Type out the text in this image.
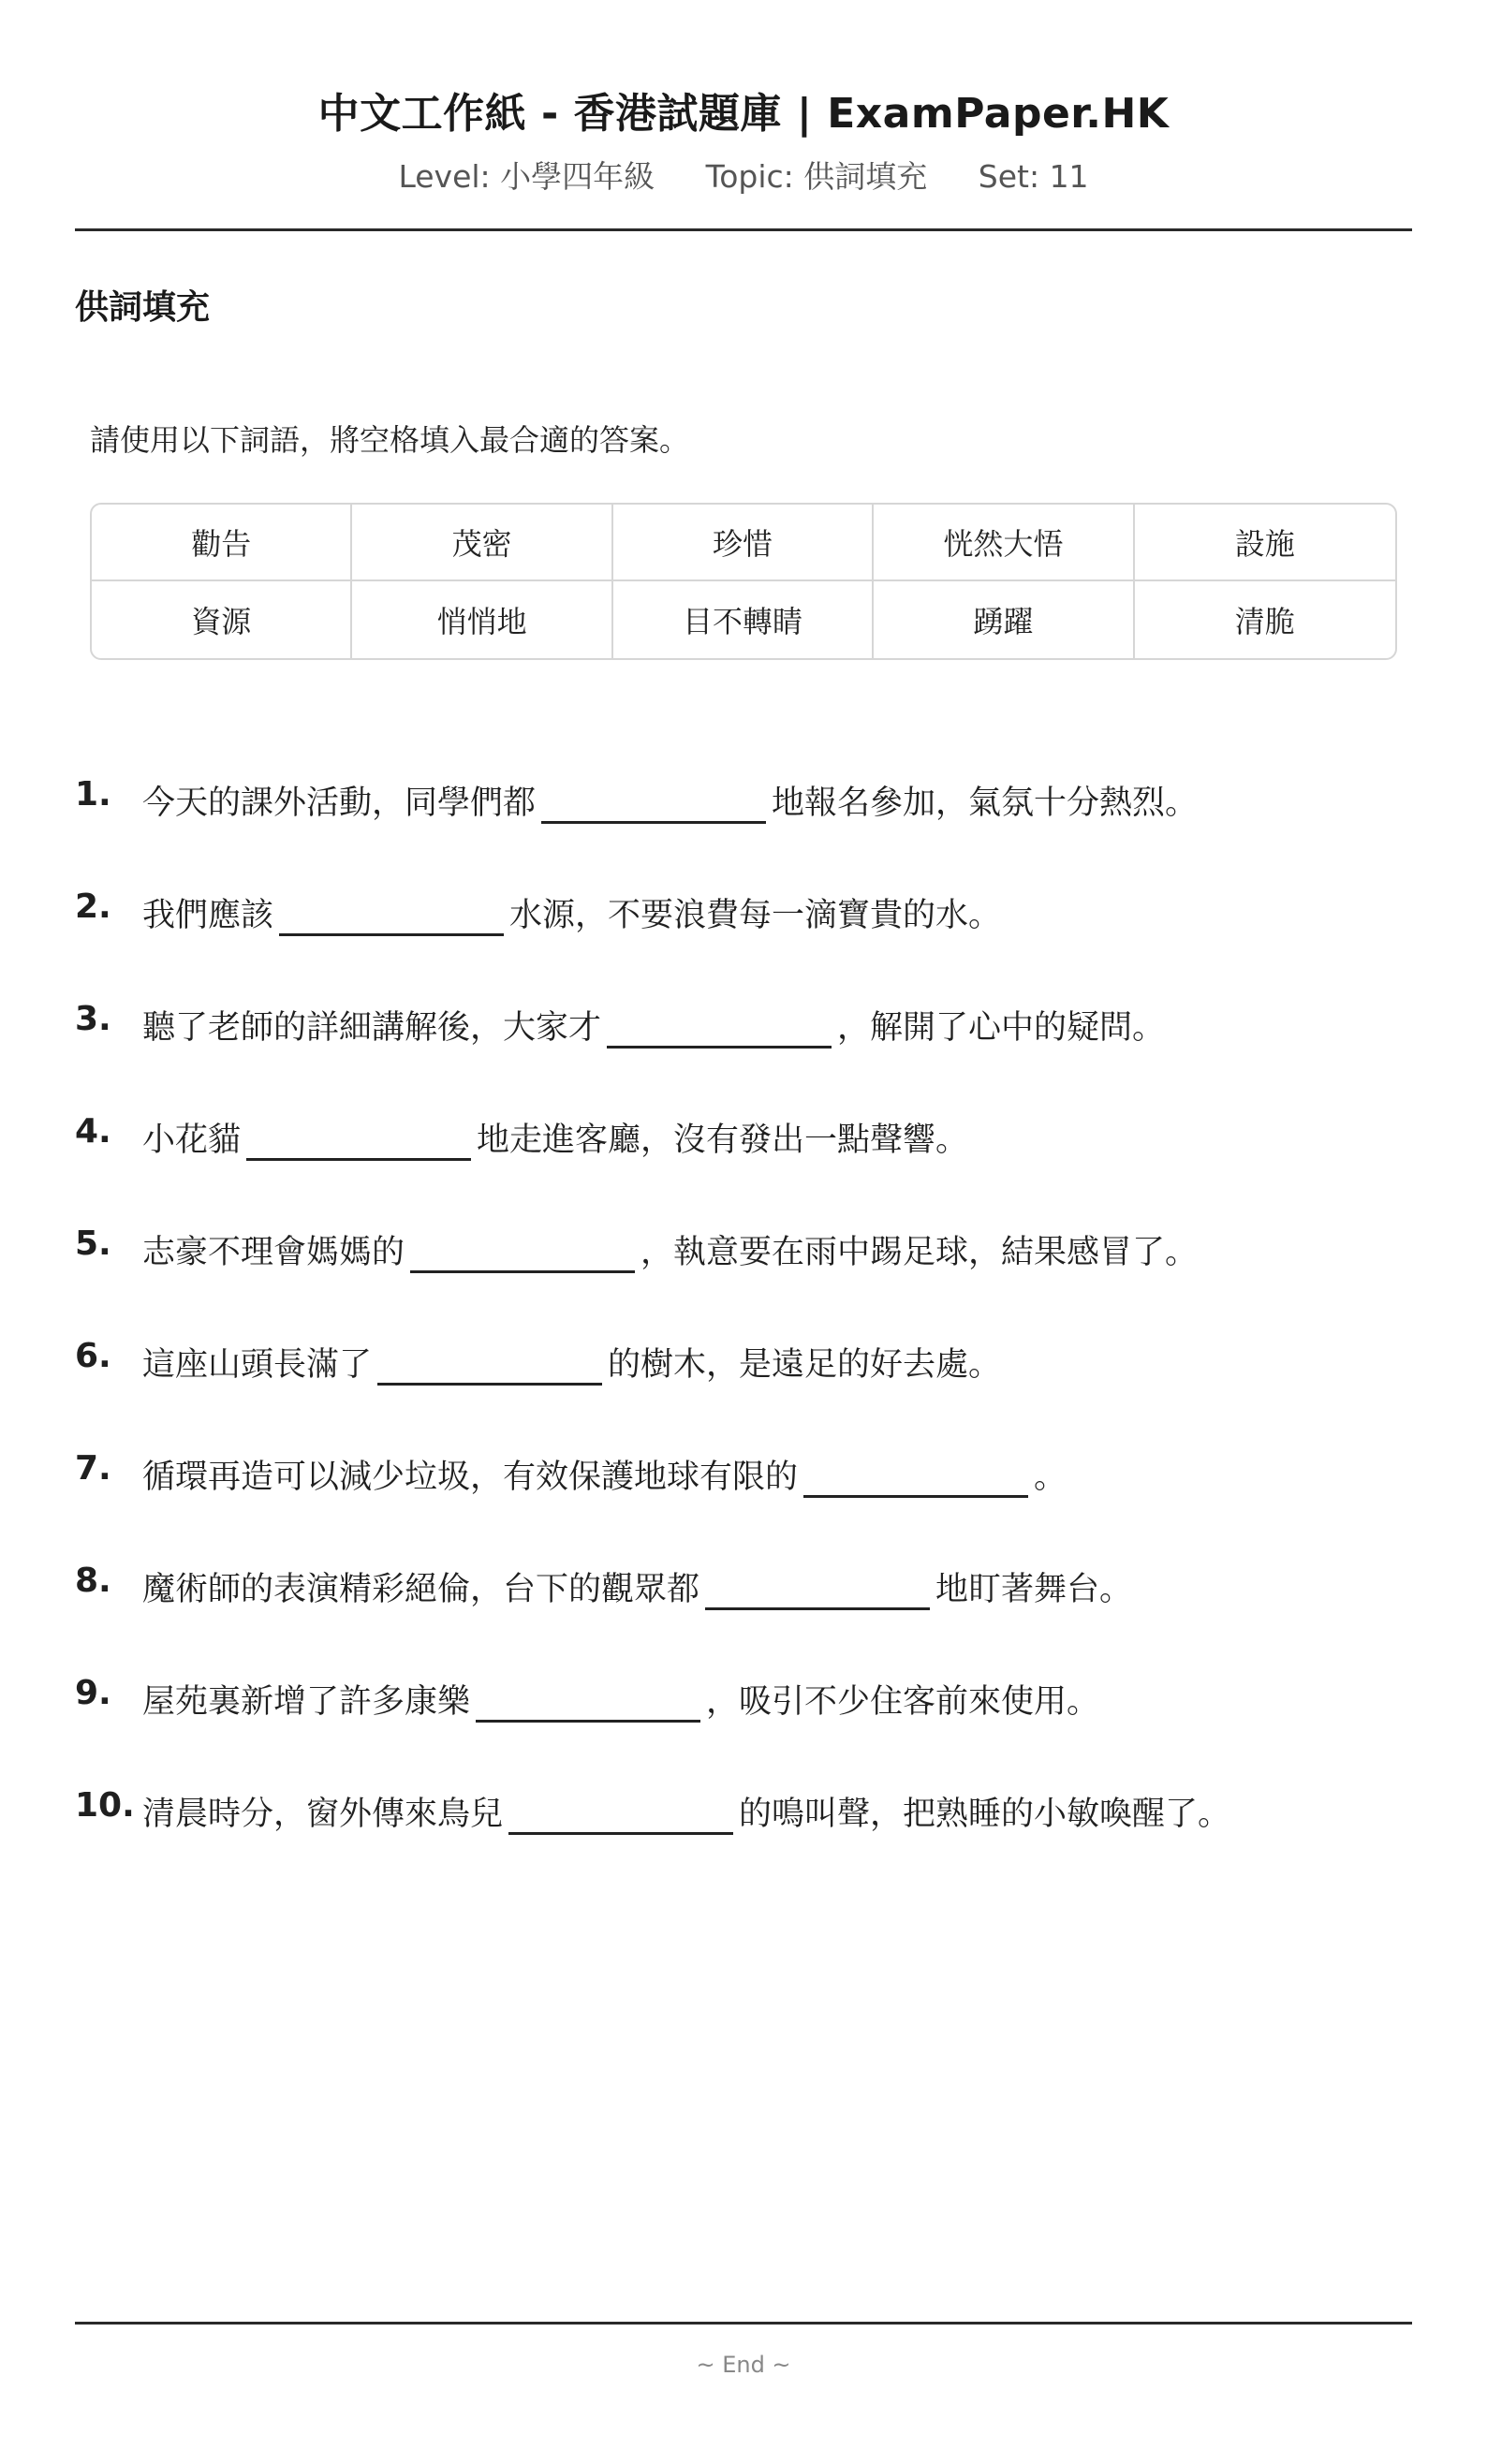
中文工作紙 - 香港試題庫 | ExamPaper.HK
Level: 小學四年級 Topic: 供詞填充 Set: 11
供詞填充
請使用以下詞語，將空格填入最合適的答案。
勸告	茂密	珍惜	恍然大悟	設施
資源	悄悄地	目不轉睛	踴躍	清脆
1. 今天的課外活動，同學們都	地報名參加，氣氛十分熱烈。
2. 我們應該	水源，不要浪費每一滴寶貴的水。
3. 聽了老師的詳細講解後，大家才	，解開了心中的疑問。
4. 小花貓	地走進客廳，沒有發出一點聲響。
5. 志豪不理會媽媽的	，執意要在雨中踢足球，結果感冒了。
6. 這座山頭長滿了	的樹木，是遠足的好去處。
7. 循環再造可以減少垃圾，有效保護地球有限的	。
8. 魔術師的表演精彩絕倫，台下的觀眾都	地盯著舞台。
9. 屋苑裏新增了許多康樂	，吸引不少住客前來使用。
10. 清晨時分，窗外傳來鳥兒	的鳴叫聲，把熟睡的小敏喚醒了。
~ End ~
